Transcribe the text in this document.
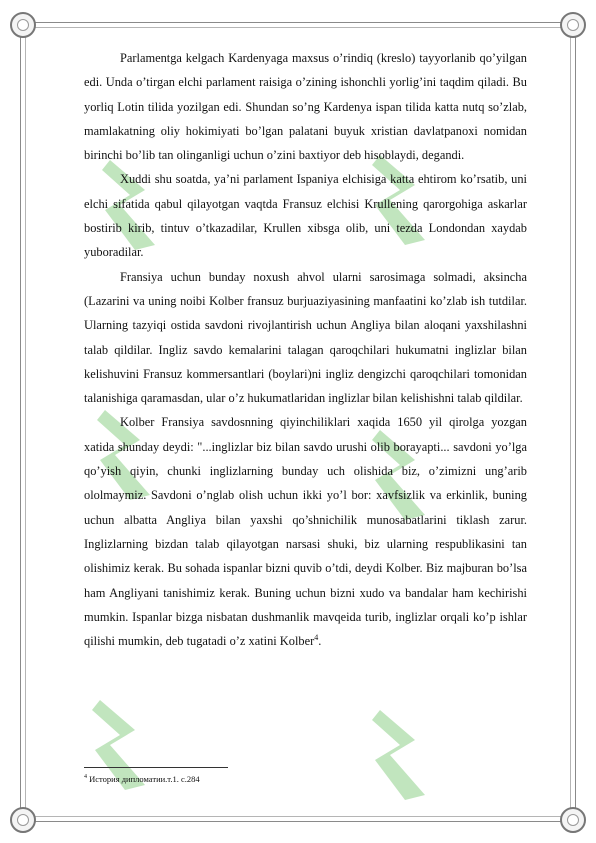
Parlamentga kelgach Kardenyaga maxsus o’rindiq (kreslo) tayyorlanib qo’yilgan edi. Unda o’tirgan elchi parlament raisiga o’zining ishonchli yorlig’ini taqdim qiladi. Bu yorliq Lotin tilida yozilgan edi. Shundan so’ng Kardenya ispan tilida katta nutq so’zlab, mamlakatning oliy hokimiyati bo’lgan palatani buyuk xristian davlatpanoxi nomidan birinchi bo’lib tan olinganligi uchun o’zini baxtiyor deb hisoblaydi, degandi.

Xuddi shu soatda, ya’ni parlament Ispaniya elchisiga katta ehtirom ko’rsatib, uni elchi sifatida qabul qilayotgan vaqtda Fransuz elchisi Krullening qarorgohiga askarlar bostirib kirib, tintuv o’tkazadilar, Krullen xibsga olib, uni tezda Londondan xaydab yuboradilar.

Fransiya uchun bunday noxush ahvol ularni sarosimaga solmadi, aksincha (Lazarini va uning noibi Kolber fransuz burjuaziyasining manfaatini ko’zlab ish tutdilar. Ularning tazyiqi ostida savdoni rivojlantirish uchun Angliya bilan aloqani yaxshilashni talab qildilar. Ingliz savdo kemalarini talagan qaroqchilari hukumatni inglizlar bilan kelishuvini Fransuz kommersantlari (boylari)ni ingliz dengizchi qaroqchilari tomonidan talanishiga qaramasdan, ular o’z hukumatlaridan inglizlar bilan kelishishni talab qildilar.

Kolber Fransiya savdosnning qiyinchiliklari xaqida 1650 yil qirolga yozgan xatida shunday deydi: "...inglizlar biz bilan savdo urushi olib borayapti... savdoni yo’lga qo’yish qiyin, chunki inglizlarning bunday uch olishida biz, o’zimizni ung’arib ololmaymiz. Savdoni o’nglab olish uchun ikki yo’l bor: xavfsizlik va erkinlik, buning uchun albatta Angliya bilan yaxshi qo’shnichilik munosabatlarini tiklash zarur. Inglizlarning bizdan talab qilayotgan narsasi shuki, biz ularning respublikasini tan olishimiz kerak. Bu sohada ispanlar bizni quvib o’tdi, deydi Kolber. Biz majburan bo’lsa ham Angliyani tanishimiz kerak. Buning uchun bizni xudo va bandalar ham kechirishi mumkin. Ispanlar bizga nisbatan dushmanlik mavqeida turib, inglizlar orqali ko’p ishlar qilishi mumkin, deb tugatadi o’z xatini Kolber$^4$.

$^4$ История дипломатии.т.1. с.284
